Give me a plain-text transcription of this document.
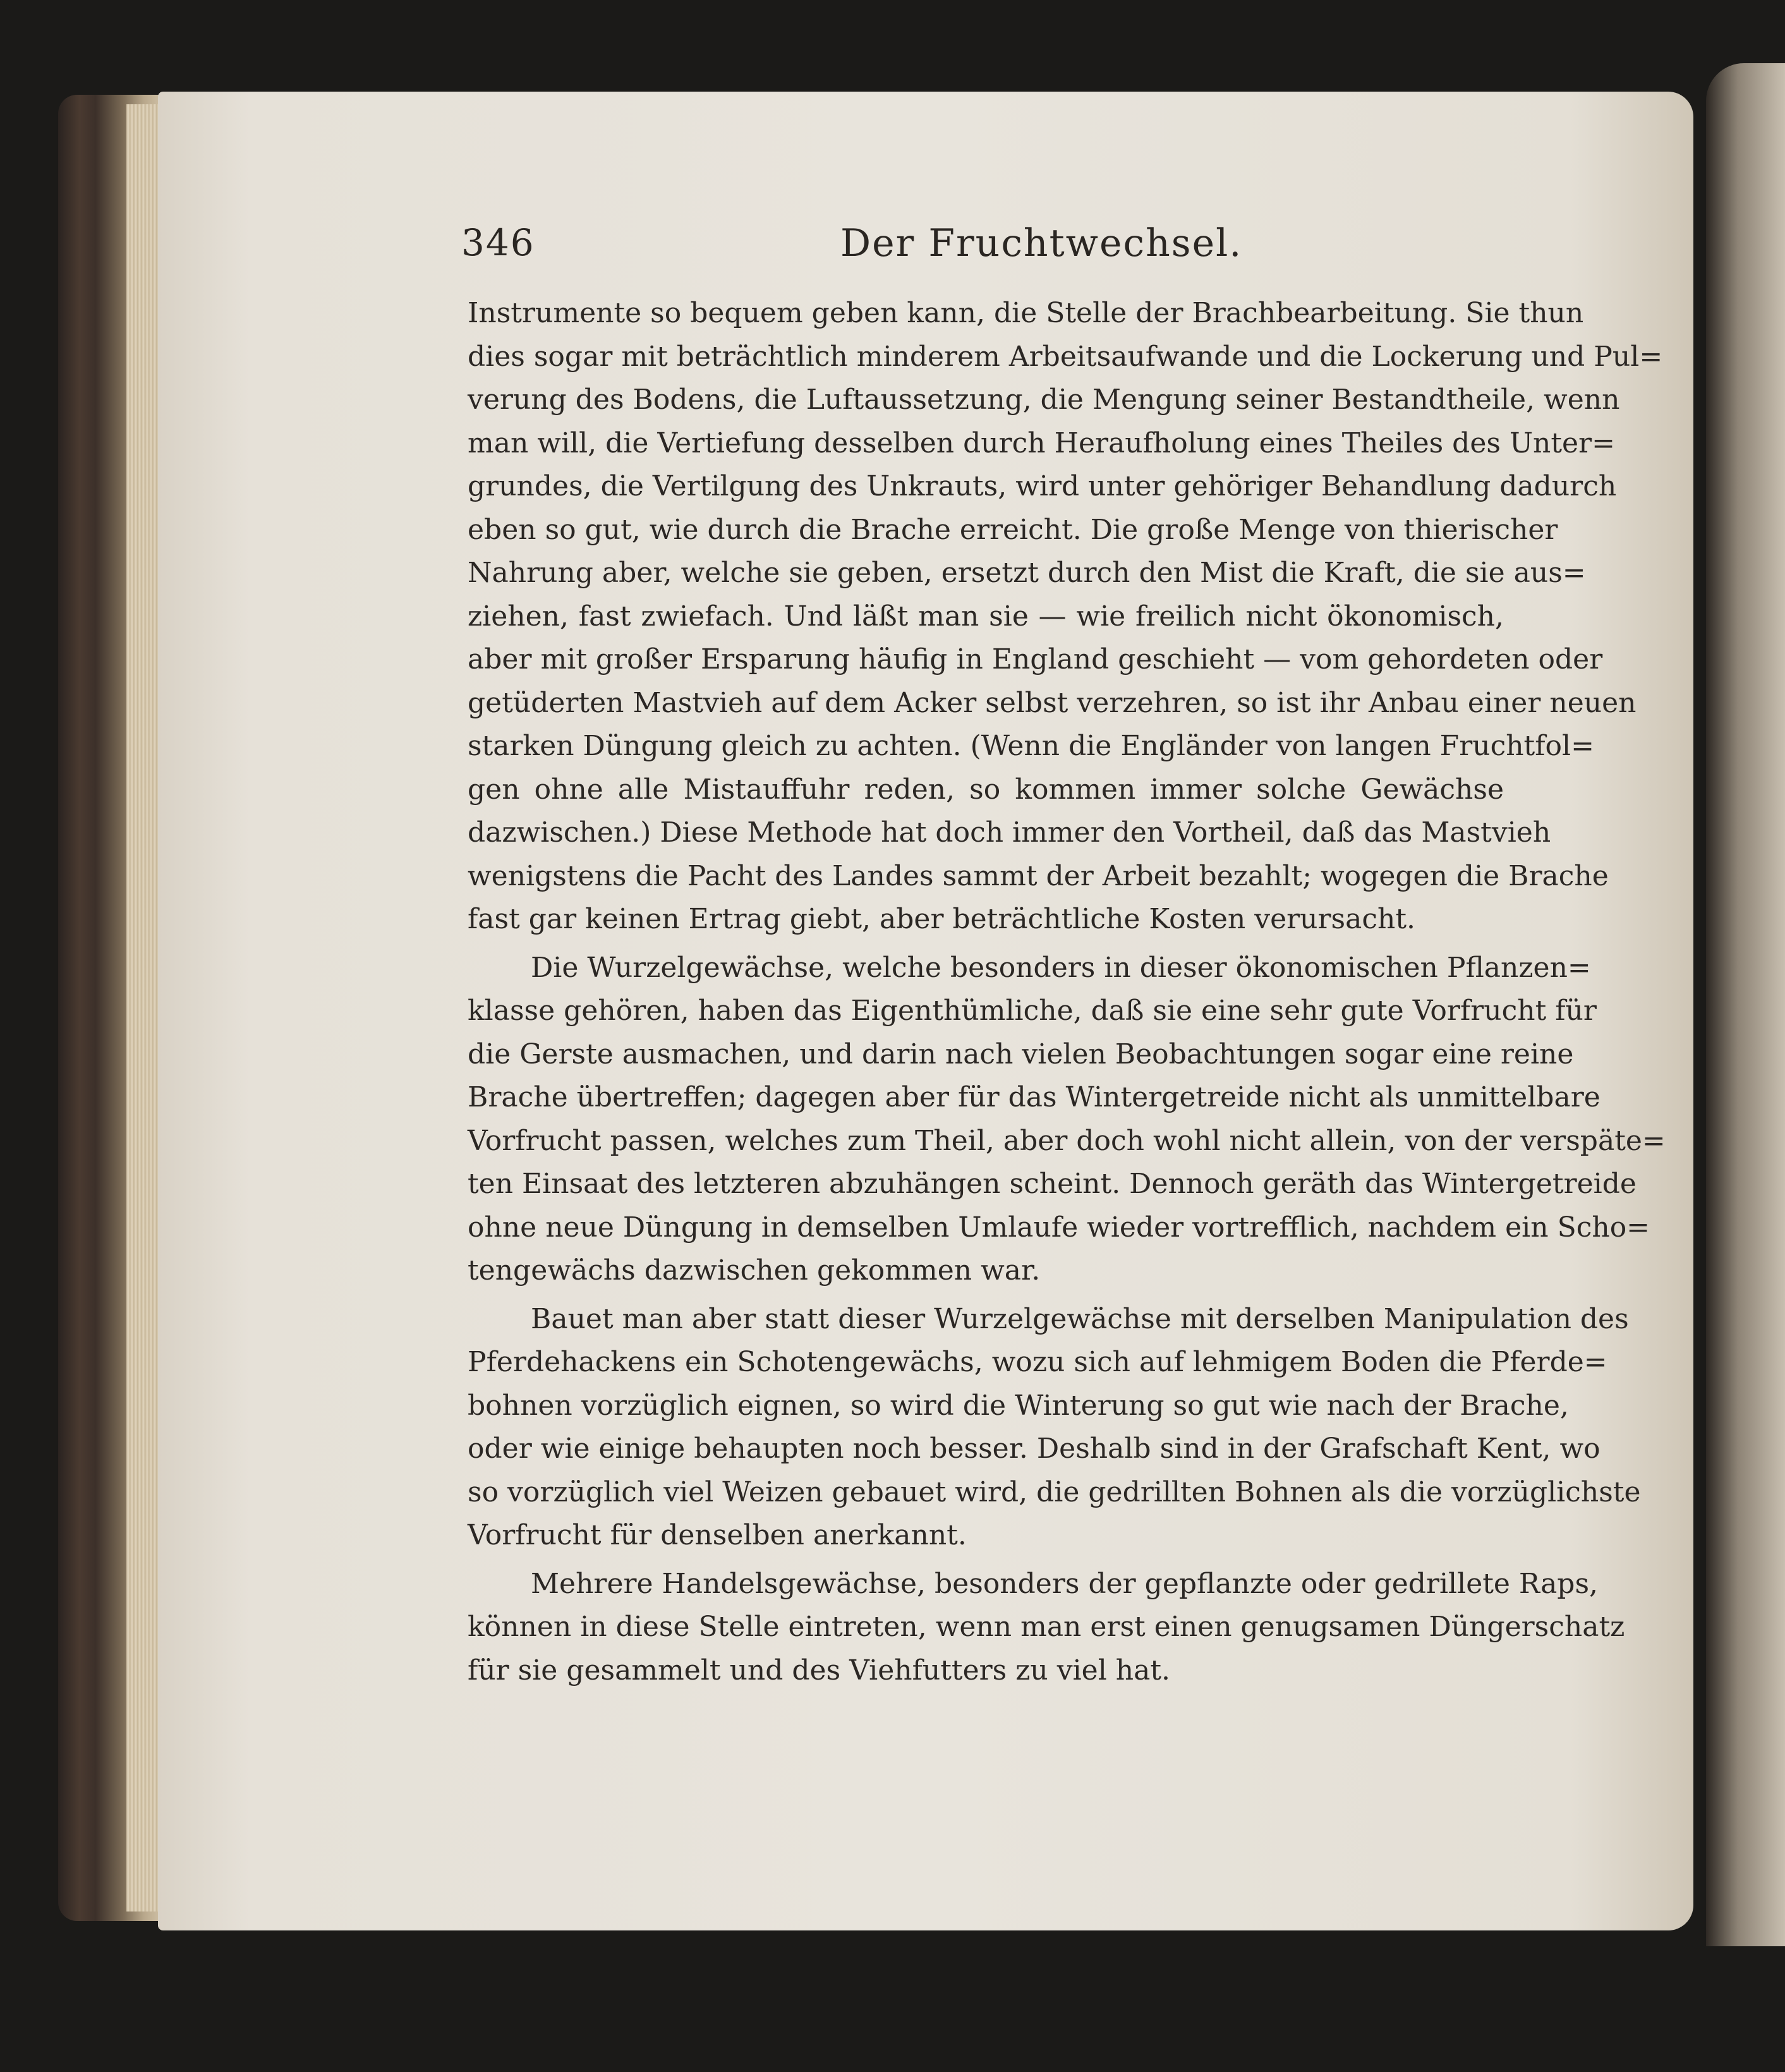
346	Der Fruchtwechsel.
Instrumente so bequem geben kann, die Stelle der Brachbearbeitung. Sie thun
dies sogar mit beträchtlich minderem Arbeitsaufwande und die Lockerung und Pul=
verung des Bodens, die Luftaussetzung, die Mengung seiner Bestandtheile, wenn
man will, die Vertiefung desselben durch Heraufholung eines Theiles des Unter=
grundes, die Vertilgung des Unkrauts, wird unter gehöriger Behandlung dadurch
eben so gut, wie durch die Brache erreicht. Die große Menge von thierischer
Nahrung aber, welche sie geben, ersetzt durch den Mist die Kraft, die sie aus=
ziehen, fast zwiefach. Und läßt man sie — wie freilich nicht ökonomisch,
aber mit großer Ersparung häufig in England geschieht — vom gehordeten oder
getüderten Mastvieh auf dem Acker selbst verzehren, so ist ihr Anbau einer neuen
starken Düngung gleich zu achten. (Wenn die Engländer von langen Fruchtfol=
gen ohne alle Mistauffuhr reden, so kommen immer solche Gewächse
dazwischen.) Diese Methode hat doch immer den Vortheil, daß das Mastvieh
wenigstens die Pacht des Landes sammt der Arbeit bezahlt; wogegen die Brache
fast gar keinen Ertrag giebt, aber beträchtliche Kosten verursacht.
Die Wurzelgewächse, welche besonders in dieser ökonomischen Pflanzen=
klasse gehören, haben das Eigenthümliche, daß sie eine sehr gute Vorfrucht für
die Gerste ausmachen, und darin nach vielen Beobachtungen sogar eine reine
Brache übertreffen; dagegen aber für das Wintergetreide nicht als unmittelbare
Vorfrucht passen, welches zum Theil, aber doch wohl nicht allein, von der verspäte=
ten Einsaat des letzteren abzuhängen scheint. Dennoch geräth das Wintergetreide
ohne neue Düngung in demselben Umlaufe wieder vortrefflich, nachdem ein Scho=
tengewächs dazwischen gekommen war.
Bauet man aber statt dieser Wurzelgewächse mit derselben Manipulation des
Pferdehackens ein Schotengewächs, wozu sich auf lehmigem Boden die Pferde=
bohnen vorzüglich eignen, so wird die Winterung so gut wie nach der Brache,
oder wie einige behaupten noch besser. Deshalb sind in der Grafschaft Kent, wo
so vorzüglich viel Weizen gebauet wird, die gedrillten Bohnen als die vorzüglichste
Vorfrucht für denselben anerkannt.
Mehrere Handelsgewächse, besonders der gepflanzte oder gedrillete Raps,
können in diese Stelle eintreten, wenn man erst einen genugsamen Düngerschatz
für sie gesammelt und des Viehfutters zu viel hat.
